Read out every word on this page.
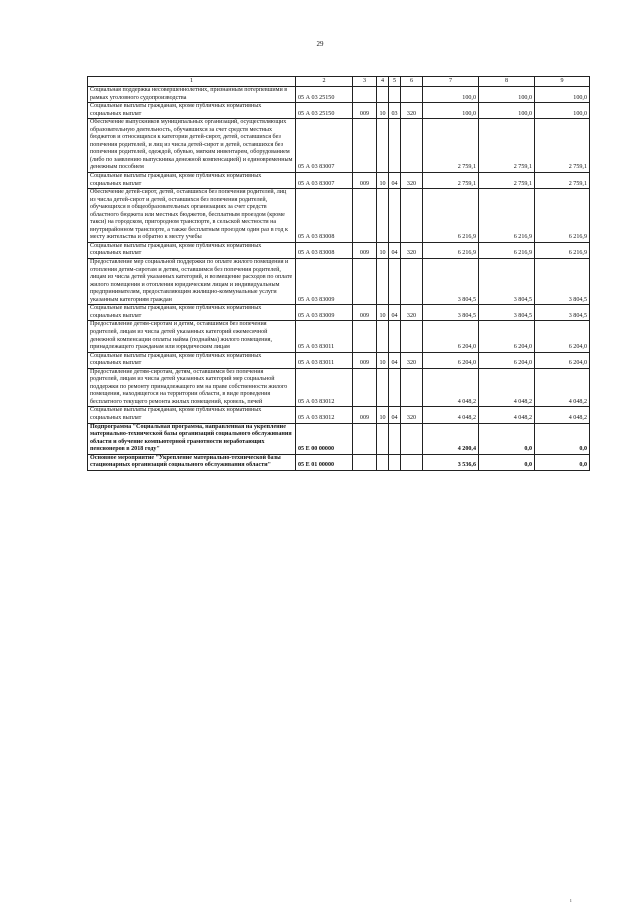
29
1	2	3	4	5	6	7	8	9
Социальная поддержка несовершеннолетних, признанным потерпевшими в рамках уголовного судопроизводства	05 А 03 25150					100,0	100,0	100,0
Социальные выплаты гражданам, кроме публичных нормативных социальных выплат	05 А 03 25150	009	10	03	320	100,0	100,0	100,0
Обеспечение выпускников муниципальных организаций, осуществляющих образовательную деятельность, обучавшихся за счет средств местных бюджетов и относящихся к категории детей-сирот, детей, оставшихся без попечения родителей, и лиц из числа детей-сирот и детей, оставшихся без попечения родителей, одеждой, обувью, мягким инвентарем, оборудованием (либо по заявлению выпускника денежной компенсацией) и единовременным денежным пособием	05 А 03 83007					2 759,1	2 759,1	2 759,1
Социальные выплаты гражданам, кроме публичных нормативных социальных выплат	05 А 03 83007	009	10	04	320	2 759,1	2 759,1	2 759,1
Обеспечение детей-сирот, детей, оставшихся без попечения родителей, лиц из числа детей-сирот и детей, оставшихся без попечения родителей, обучающихся в общеобразовательных организациях за счет средств областного бюджета или местных бюджетов, бесплатным проездом (кроме такси) на городском, пригородном транспорте, в сельской местности на внутрирайонном транспорте, а также бесплатным проездом один раз в год к месту жительства и обратно к месту учебы	05 А 03 83008					6 216,9	6 216,9	6 216,9
Социальные выплаты гражданам, кроме публичных нормативных социальных выплат	05 А 03 83008	009	10	04	320	6 216,9	6 216,9	6 216,9
Предоставление мер социальной поддержки по оплате жилого помещения и отопления детям-сиротам и детям, оставшимся без попечения родителей, лицам из числа детей указанных категорий, и возмещение расходов по оплате жилого помещения и отопления юридическим лицам и индивидуальным предпринимателям, предоставляющим жилищно-коммунальные услуги указанным категориям граждан	05 А 03 83009					3 804,5	3 804,5	3 804,5
Социальные выплаты гражданам, кроме публичных нормативных социальных выплат	05 А 03 83009	009	10	04	320	3 804,5	3 804,5	3 804,5
Предоставление детям-сиротам и детям, оставшимся без попечения родителей, лицам из числа детей указанных категорий ежемесячной денежной компенсации оплаты найма (поднайма) жилого помещения, принадлежащего гражданам или юридическим лицам	05 А 03 83011					6 204,0	6 204,0	6 204,0
Социальные выплаты гражданам, кроме публичных нормативных социальных выплат	05 А 03 83011	009	10	04	320	6 204,0	6 204,0	6 204,0
Предоставление детям-сиротам, детям, оставшимся без попечения родителей, лицам из числа детей указанных категорий мер социальной поддержки по ремонту принадлежащего им на праве собственности жилого помещения, находящегося на территории области, в виде проведения бесплатного текущего ремонта жилых помещений, кровель, печей	05 А 03 83012					4 048,2	4 048,2	4 048,2
Социальные выплаты гражданам, кроме публичных нормативных социальных выплат	05 А 03 83012	009	10	04	320	4 048,2	4 048,2	4 048,2
Подпрограмма "Социальная программа, направленная на укрепление материально-технической базы организаций социального обслуживания области и обучение компьютерной грамотности неработающих пенсионеров в 2018 году"	05 Е 00 00000					4 200,4	0,0	0,0
Основное мероприятие "Укрепление материально-технической базы стационарных организаций социального обслуживания области"	05 Е 01 00000					3 536,6	0,0	0,0
ı
